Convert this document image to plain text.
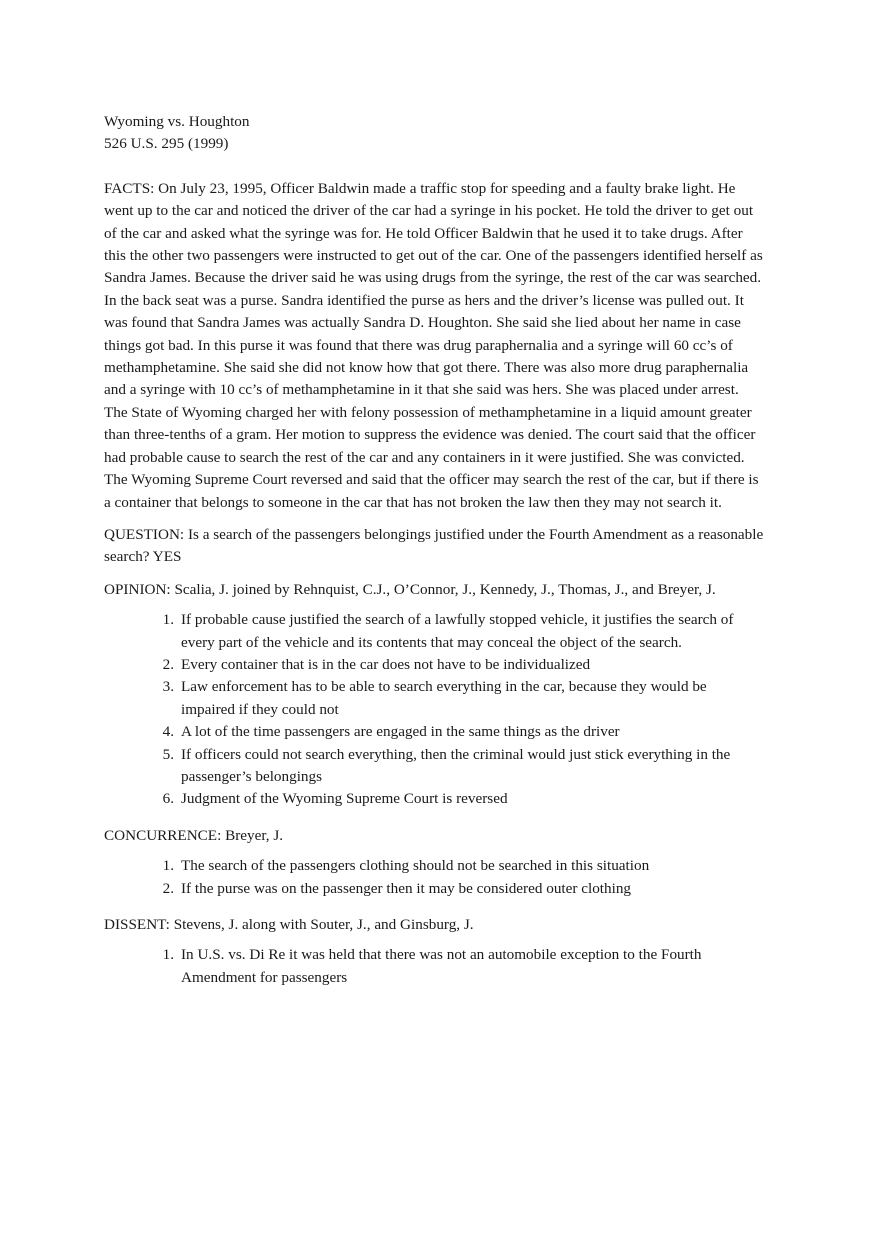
Wyoming vs. Houghton

526 U.S. 295 (1999)

FACTS: On July 23, 1995, Officer Baldwin made a traffic stop for speeding and a faulty brake light. He went up to the car and noticed the driver of the car had a syringe in his pocket. He told the driver to get out of the car and asked what the syringe was for. He told Officer Baldwin that he used it to take drugs. After this the other two passengers were instructed to get out of the car. One of the passengers identified herself as Sandra James. Because the driver said he was using drugs from the syringe, the rest of the car was searched. In the back seat was a purse. Sandra identified the purse as hers and the driver’s license was pulled out. It was found that Sandra James was actually Sandra D. Houghton. She said she lied about her name in case things got bad. In this purse it was found that there was drug paraphernalia and a syringe will 60 cc’s of methamphetamine. She said she did not know how that got there. There was also more drug paraphernalia and a syringe with 10 cc’s of methamphetamine in it that she said was hers. She was placed under arrest. The State of Wyoming charged her with felony possession of methamphetamine in a liquid amount greater than three-tenths of a gram. Her motion to suppress the evidence was denied. The court said that the officer had probable cause to search the rest of the car and any containers in it were justified. She was convicted. The Wyoming Supreme Court reversed and said that the officer may search the rest of the car, but if there is a container that belongs to someone in the car that has not broken the law then they may not search it.

QUESTION: Is a search of the passengers belongings justified under the Fourth Amendment as a reasonable search? YES

OPINION: Scalia, J. joined by Rehnquist, C.J., O’Connor, J., Kennedy, J., Thomas, J., and Breyer, J.

1. If probable cause justified the search of a lawfully stopped vehicle, it justifies the search of every part of the vehicle and its contents that may conceal the object of the search.
2. Every container that is in the car does not have to be individualized
3. Law enforcement has to be able to search everything in the car, because they would be impaired if they could not
4. A lot of the time passengers are engaged in the same things as the driver
5. If officers could not search everything, then the criminal would just stick everything in the passenger’s belongings
6. Judgment of the Wyoming Supreme Court is reversed

CONCURRENCE: Breyer, J.

1. The search of the passengers clothing should not be searched in this situation
2. If the purse was on the passenger then it may be considered outer clothing

DISSENT: Stevens, J. along with Souter, J., and Ginsburg, J.

1. In U.S. vs. Di Re it was held that there was not an automobile exception to the Fourth Amendment for passengers
